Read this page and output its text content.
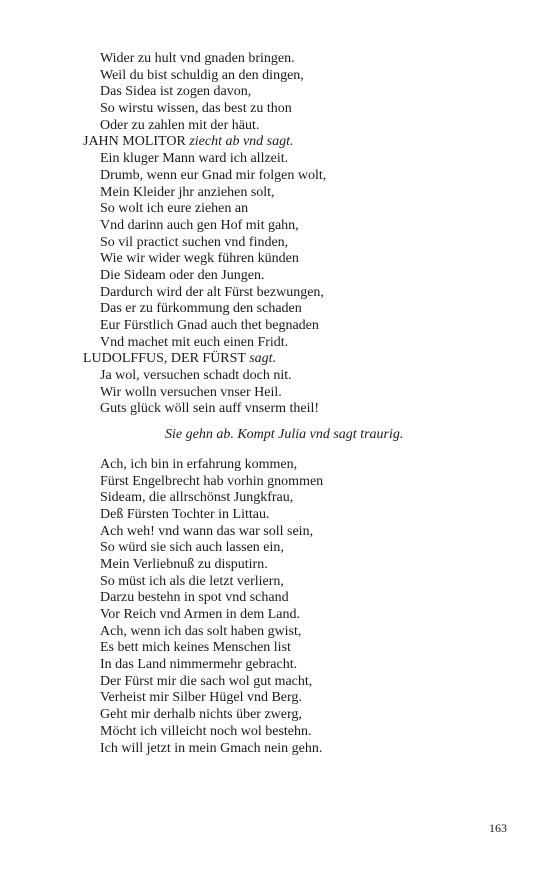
Wider zu hult vnd gnaden bringen.
Weil du bist schuldig an den dingen,
Das Sidea ist zogen davon,
So wirstu wissen, das best zu thon
Oder zu zahlen mit der häut.
JAHN MOLITOR ziecht ab vnd sagt.
Ein kluger Mann ward ich allzeit.
Drumb, wenn eur Gnad mir folgen wolt,
Mein Kleider jhr anziehen solt,
So wolt ich eure ziehen an
Vnd darinn auch gen Hof mit gahn,
So vil practict suchen vnd finden,
Wie wir wider wegk führen künden
Die Sideam oder den Jungen.
Dardurch wird der alt Fürst bezwungen,
Das er zu fürkommung den schaden
Eur Fürstlich Gnad auch thet begnaden
Vnd machet mit euch einen Fridt.
LUDOLFFUS, DER FÜRST sagt.
Ja wol, versuchen schadt doch nit.
Wir wolln versuchen vnser Heil.
Guts glück wöll sein auff vnserm theil!
Sie gehn ab. Kompt Julia vnd sagt traurig.
Ach, ich bin in erfahrung kommen,
Fürst Engelbrecht hab vorhin gnommen
Sideam, die allrschönst Jungkfrau,
Deß Fürsten Tochter in Littau.
Ach weh! vnd wann das war soll sein,
So würd sie sich auch lassen ein,
Mein Verliebnuß zu disputirn.
So müst ich als die letzt verliern,
Darzu bestehn in spot vnd schand
Vor Reich vnd Armen in dem Land.
Ach, wenn ich das solt haben gwist,
Es bett mich keines Menschen list
In das Land nimmermehr gebracht.
Der Fürst mir die sach wol gut macht,
Verheist mir Silber Hügel vnd Berg.
Geht mir derhalb nichts über zwerg,
Möcht ich villeicht noch wol bestehn.
Ich will jetzt in mein Gmach nein gehn.
163
